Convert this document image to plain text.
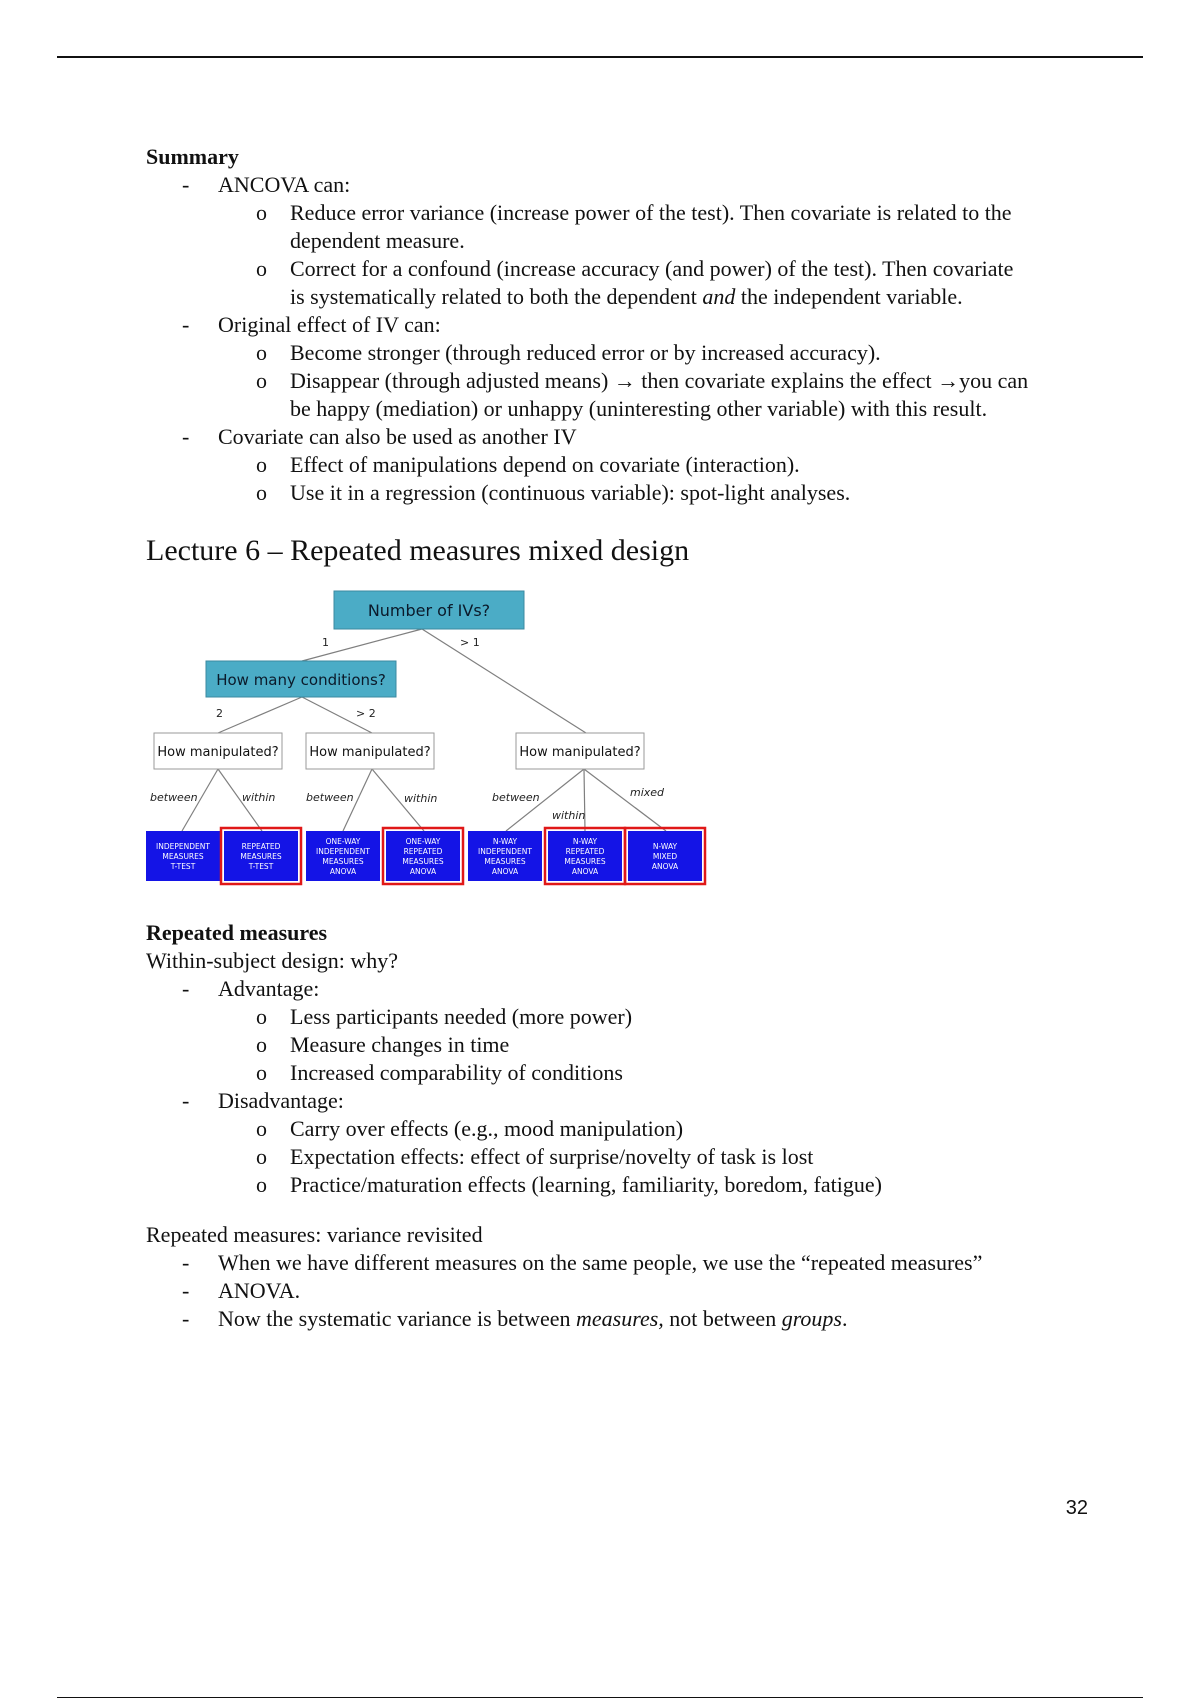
Summary
- ANCOVA can:
o Reduce error variance (increase power of the test). Then covariate is related to the
dependent measure.
o Correct for a confound (increase accuracy (and power) of the test). Then covariate
is systematically related to both the dependent and the independent variable.
- Original effect of IV can:
o Become stronger (through reduced error or by increased accuracy).
o Disappear (through adjusted means) → then covariate explains the effect →you can
be happy (mediation) or unhappy (uninteresting other variable) with this result.
- Covariate can also be used as another IV
o Effect of manipulations depend on covariate (interaction).
o Use it in a regression (continuous variable): spot-light analyses.
Lecture 6 – Repeated measures mixed design
Number of IVs?
How many conditions?
1	> 1
2	> 2
How manipulated? How manipulated?	How manipulated?
between	within	between	within	between
within
mixed
INDEPENDENT
MEASURES
T-TEST
REPEATED
MEASURES
T-TEST
ONE-WAY
INDEPENDENT
MEASURES
ANOVA
ONE-WAY
REPEATED
MEASURES
ANOVA
N-WAY
INDEPENDENT
MEASURES
ANOVA
N-WAY
REPEATED
MEASURES
ANOVA
N-WAY
MIXED
ANOVA
Repeated measures
Within-subject design: why?
- Advantage:
o Less participants needed (more power)
o Measure changes in time
o Increased comparability of conditions
- Disadvantage:
o Carry over effects (e.g., mood manipulation)
o Expectation effects: effect of surprise/novelty of task is lost
o Practice/maturation effects (learning, familiarity, boredom, fatigue)
Repeated measures: variance revisited
- When we have different measures on the same people, we use the “repeated measures”
- ANOVA.
- Now the systematic variance is between measures, not between groups.
32
